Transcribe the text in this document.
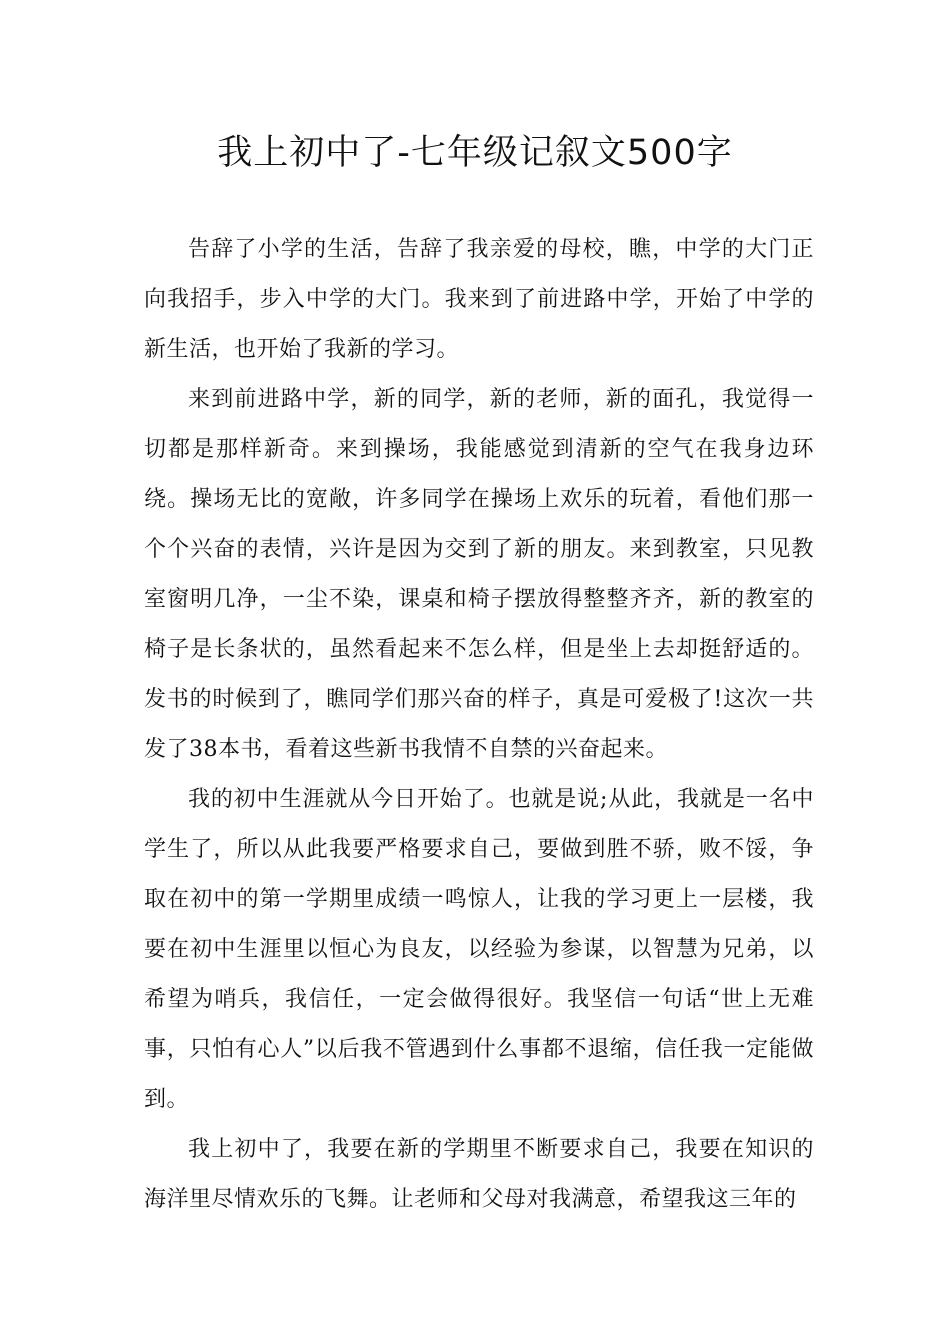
我上初中了-七年级记叙文500字

告辞了小学的生活，告辞了我亲爱的母校，瞧，中学的大门正向我招手，步入中学的大门。我来到了前进路中学，开始了中学的新生活，也开始了我新的学习。

来到前进路中学，新的同学，新的老师，新的面孔，我觉得一切都是那样新奇。来到操场，我能感觉到清新的空气在我身边环绕。操场无比的宽敞，许多同学在操场上欢乐的玩着，看他们那一个个兴奋的表情，兴许是因为交到了新的朋友。来到教室，只见教室窗明几净，一尘不染，课桌和椅子摆放得整整齐齐，新的教室的椅子是长条状的，虽然看起来不怎么样，但是坐上去却挺舒适的。发书的时候到了，瞧同学们那兴奋的样子，真是可爱极了!这次一共发了38本书，看着这些新书我情不自禁的兴奋起来。

我的初中生涯就从今日开始了。也就是说;从此，我就是一名中学生了，所以从此我要严格要求自己，要做到胜不骄，败不馁，争取在初中的第一学期里成绩一鸣惊人，让我的学习更上一层楼，我要在初中生涯里以恒心为良友，以经验为参谋，以智慧为兄弟，以希望为哨兵，我信任，一定会做得很好。我坚信一句话“世上无难事，只怕有心人”以后我不管遇到什么事都不退缩，信任我一定能做到。

我上初中了，我要在新的学期里不断要求自己，我要在知识的海洋里尽情欢乐的飞舞。让老师和父母对我满意，希望我这三年的
